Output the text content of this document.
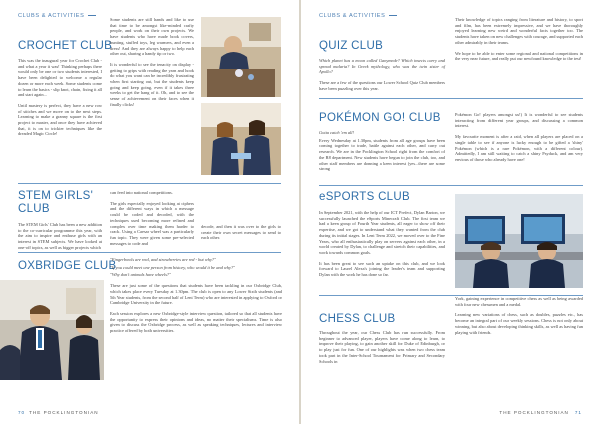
CLUBS & ACTIVITIES
CROCHET CLUB

This was the inaugural year for Crochet Club - and what a year it was! Thinking perhaps there would only be one or two students interested, I have been delighted to welcome a regular dozen or more each week. Some students come to learn the basics - slip knot, chain, fixing it all and start again...

Until mastery is perfect, they have a new row of stitches and we move on to the next steps. Learning to make a granny square is the first project to master, and once they have achieved that, it is on to trickier techniques like the dreaded Magic Circle!

Some students are still hands and like to use that time to be amongst like-minded crafty people, and work on their own projects. We have students who have made book covers, bunting, stuffed toys, leg warmers, and even a dress! And they are always happy to help each other out, sharing a handy tip or two.

It is wonderful to see the tenacity on display - getting to grips with reading the yarn and hook do what you want can be incredibly frustrating when first starting out, but the students keep going and keep going, even if it takes three weeks to get the hang of it. Oh, and to see the sense of achievement on their faces when it finally clicks!

STEM GIRLS' CLUB

The STEM Girls' Club has been a new addition to the co-curricular programme this year, with the aim to inspire and enthuse girls with an interest in STEM subjects. We have looked at one-off topics, as well as bigger projects which

can feed into national competitions.

The girls especially enjoyed looking at ciphers and the different ways in which a message could be coded and decoded, with the techniques used becoming more refined and complex over time making them harder to crack. Using a Caesar wheel was a particularly fun topic. They were given some pre-selected messages to code and

decode, and then it was over to the girls to create their own secret messages to send to each other.

OXBRIDGE CLUB

"Fingerbowls are real, and strawberries are red - but why?"

"If you could meet one person from history, who would it be and why?"

"Why don't animals have wheels?"

These are just some of the questions that students have been tackling in our Oxbridge Club, which takes place every Tuesday at 1.30pm. The club is open to any Lower Sixth students (and 5th Year students, from the second half of Lent Term) who are interested in applying to Oxford or Cambridge University in the future.

Each session explores a new Oxbridge-style interview question, tailored so that all students have the opportunity to express their opinions and ideas, no matter their specialisms. Time is also given to discuss the Oxbridge process, as well as speaking techniques, lectures and interview practice offered by both universities.

70 THE POCKLINGTONIAN
CLUBS & ACTIVITIES
QUIZ CLUB

Which planet has a moon called Ganymede? Which insects carry and spread malaria? In Greek mythology, who was the twin sister of Apollo?

These are a few of the questions our Lower School Quiz Club members have been puzzling over this year.

Their knowledge of topics ranging from literature and history, to sport and film, has been extremely impressive, and we have thoroughly enjoyed learning new weird and wonderful facts together too. The students have taken on new challenges with courage, and supported each other admirably in their teams.

We hope to be able to enter some regional and national competitions in the very near future, and really put our newfound knowledge to the test!

POKÉMON GO! CLUB

Gotta catch 'em all!

Every Wednesday at 1.30pm, students from all age groups have been coming together to trade, battle against each other, and carry out research. We are in the Pocklington School right from the comfort of the R8 department. New students have begun to join the club, too, and other staff members are donning a keen interest (yes...there are some strong

Pokémon Go! players amongst us!) It is wonderful to see students interacting from different year groups, and discussing a common interest.

My favourite moment is after a raid, when all players are placed on a single table to see if anyone is lucky enough to be gifted a 'shiny' Pokémon (which is a rare Pokémon, with a different colour). Admittedly, I am still waiting to catch a shiny Psyduck, and am very envious of those who already have one!

eSPORTS CLUB

In September 2021, with the help of our ICT Prefect, Dylan Barton, we successfully launched the eSports Minecraft Club. The first team we had a keen group of Fourth Year students, all eager to show off their expertise, and we got to understand what they wanted from the club during its initial stages. In Lent Term 2022, we moved over to the Fine Years, who all enthusiastically play on servers against each other, in a world created by Dylan, to challenge and stretch their capabilities, and work towards common goals.

It has been great to see such an uptake on this club, and we look forward to Laurel Alexa's joining the leader's team and supporting Dylan with the work he has done so far.

CHESS CLUB

Throughout the year, our Chess Club has run successfully. From beginner to advanced player, players have come along to learn, to improve their playing, to gain another skill for Duke of Edinburgh, or to play just for fun. One of our highlights was when two chess team took part in the Inter-School Tournament for Primary and Secondary Schools in

York, gaining experience in competitive chess as well as being awarded with four new chessmen and a medal.

Learning new variations of chess, such as doubles, puzzles etc., has become an integral part of our weekly sessions. Chess is not only about winning, but also about developing thinking skills, as well as having fun playing with friends.

THE POCKLINGTONIAN 71
